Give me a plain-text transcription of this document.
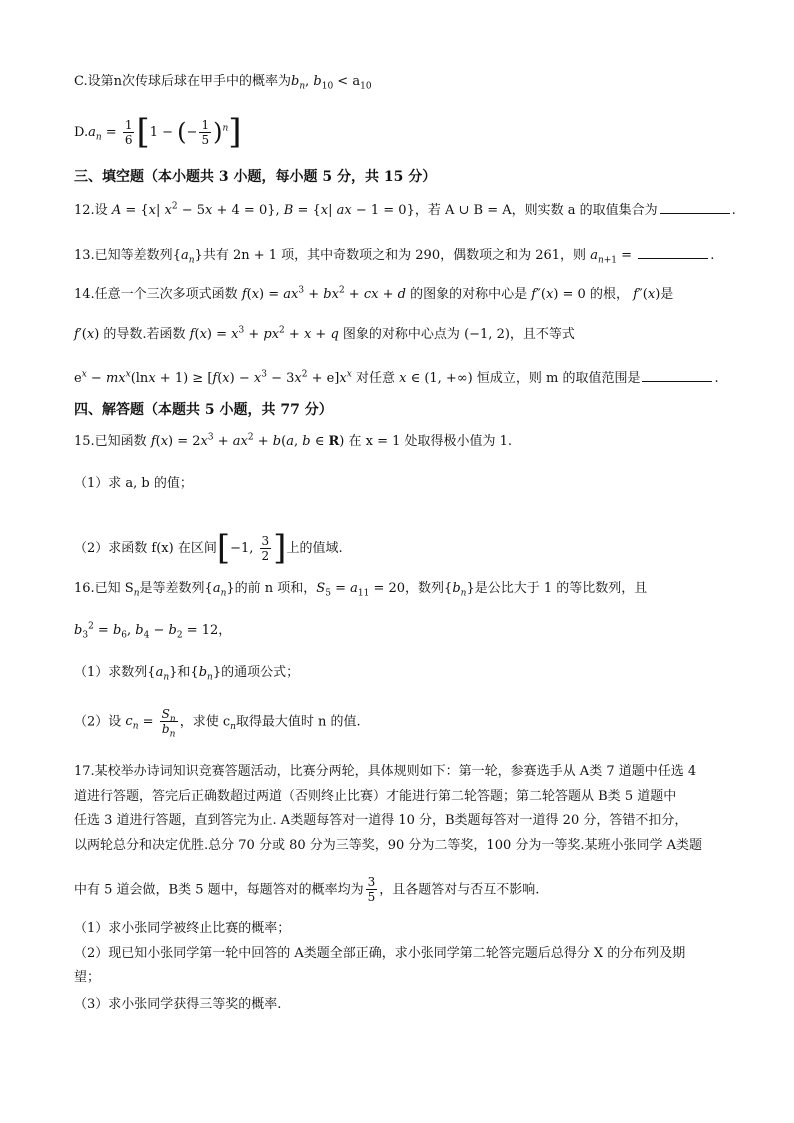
C.设第n次传球后球在甲手中的概率为$b_n$, $b_{10} < a_{10}$
$D.a_n = \frac{1}{6} [1$ − (− $\frac{1}{5} )^n$]
三、填空题（本小题共 3 小题，每小题 5 分，共 15 分）
12.设 A = {x| $x^2 - 5x + 4 = 0$}, B = {x| ax − 1 = 0}，若 A ∪ B = A，则实数 a 的取值集合为	.
13.已知等差数列$\{a_n\}$共有 2n + 1 项，其中奇数项之和为 290，偶数项之和为 261，则 $a_{n+1}$ =	.
14.任意一个三次多项式函数 $f(x) = ax^3 + bx^2$ + cx + d 的图象的对称中心是 f″(x) = 0 的根， f″(x)是
f′(x) 的导数.若函数 $f(x) = x^3 + px^2 + x + q$ 图象的对称中心点为 (−1, 2)，且不等式
$e^x - mx^x(\ln x + 1) \ge [f(x) - x^3 - 3x^2 + e]x^x$ 对任意 x ∈ (1, +∞) 恒成立，则 m 的取值范围是	.
四、解答题（本题共 5 小题，共 77 分）
15.已知函数 $f(x) = 2x^3 + ax^2 + b(a$, b ∈ R) 在 x = 1 处取得极小值为 1.
（1）求 a, b 的值；
（2）求函数 f(x) 在区间[−1, $\frac{3}{2}$ ]上的值域.
16.已知 $S_n$是等差数列$\{a_n\}$的前 n 项和，$S_5 = a_{11} = 20$，数列$\{b_n\}$是公比大于 1 的等比数列，且
$b_3^2 = b_6$, $b_4 - b_2 = 12$，
（1）求数列$\{a_n\}$和$\{b_n\}$的通项公式；
（2）设 $c_n = \frac{S_n}{b_n}$ ，求使 $c_n$取得最大值时 n 的值.
17.某校举办诗词知识竞赛答题活动，比赛分两轮，具体规则如下：第一轮，参赛选手从 A类 7 道题中任选 4
道进行答题，答完后正确数超过两道（否则终止比赛）才能进行第二轮答题；第二轮答题从 B类 5 道题中
任选 3 道进行答题，直到答完为止. A类题每答对一道得 10 分，B类题每答对一道得 20 分，答错不扣分，
以两轮总分和决定优胜.总分 70 分或 80 分为三等奖，90 分为二等奖，100 分为一等奖.某班小张同学 A类题
中有 5 道会做，B类 5 题中，每题答对的概率均为 $\frac{3}{5}$ ，且各题答对与否互不影响.
（1）求小张同学被终止比赛的概率；
（2）现已知小张同学第一轮中回答的 A类题全部正确，求小张同学第二轮答完题后总得分 X 的分布列及期
望；
（3）求小张同学获得三等奖的概率.
